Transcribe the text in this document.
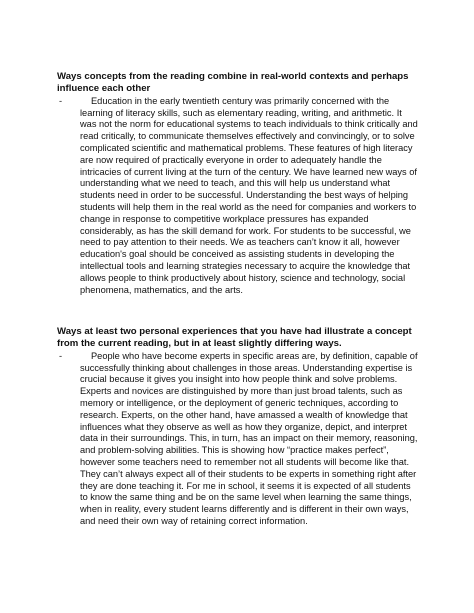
Ways concepts from the reading combine in real-world contexts and perhaps influence each other

-	Education in the early twentieth century was primarily concerned with the learning of literacy skills, such as elementary reading, writing, and arithmetic. It was not the norm for educational systems to teach individuals to think critically and read critically, to communicate themselves effectively and convincingly, or to solve complicated scientific and mathematical problems. These features of high literacy are now required of practically everyone in order to adequately handle the intricacies of current living at the turn of the century. We have learned new ways of understanding what we need to teach, and this will help us understand what students need in order to be successful. Understanding the best ways of helping students will help them in the real world as the need for companies and workers to change in response to competitive workplace pressures has expanded considerably, as has the skill demand for work. For students to be successful, we need to pay attention to their needs. We as teachers can’t know it all, however education's goal should be conceived as assisting students in developing the intellectual tools and learning strategies necessary to acquire the knowledge that allows people to think productively about history, science and technology, social phenomena, mathematics, and the arts.

Ways at least two personal experiences that you have had illustrate a concept from the current reading, but in at least slightly differing ways.

-	People who have become experts in specific areas are, by definition, capable of successfully thinking about challenges in those areas. Understanding expertise is crucial because it gives you insight into how people think and solve problems. Experts and novices are distinguished by more than just broad talents, such as memory or intelligence, or the deployment of generic techniques, according to research. Experts, on the other hand, have amassed a wealth of knowledge that influences what they observe as well as how they organize, depict, and interpret data in their surroundings. This, in turn, has an impact on their memory, reasoning, and problem-solving abilities. This is showing how “practice makes perfect”, however some teachers need to remember not all students will become like that. They can’t always expect all of their students to be experts in something right after they are done teaching it. For me in school, it seems it is expected of all students to know the same thing and be on the same level when learning the same things, when in reality, every student learns differently and is different in their own ways, and need their own way of retaining correct information.
